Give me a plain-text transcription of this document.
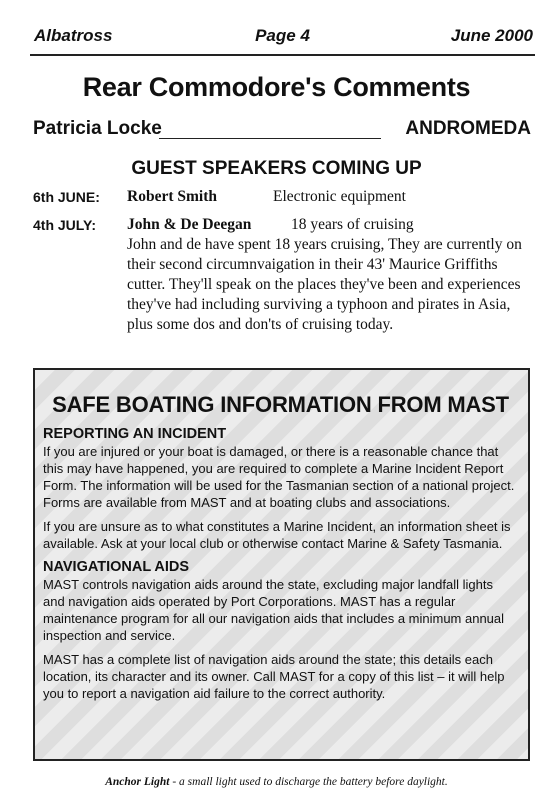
Albatross	Page 4	June 2000
Rear Commodore's Comments
Patricia Locke	ANDROMEDA
GUEST SPEAKERS COMING UP
6th JUNE: Robert Smith	Electronic equipment
4th JULY: John & De Deegan	18 years of cruising
John and de have spent 18 years cruising, They are currently on their second circumnvaigation in their 43' Maurice Griffiths cutter. They'll speak on the places they've been and experiences they've had including surviving a typhoon and pirates in Asia, plus some dos and don'ts of cruising today.
SAFE BOATING INFORMATION FROM MAST
REPORTING AN INCIDENT

If you are injured or your boat is damaged, or there is a reasonable chance that this may have happened, you are required to complete a Marine Incident Report Form. The information will be used for the Tasmanian section of a national project. Forms are available from MAST and at boating clubs and associations.

If you are unsure as to what constitutes a Marine Incident, an information sheet is available. Ask at your local club or otherwise contact Marine & Safety Tasmania.

NAVIGATIONAL AIDS

MAST controls navigation aids around the state, excluding major landfall lights and navigation aids operated by Port Corporations. MAST has a regular maintenance program for all our navigation aids that includes a minimum annual inspection and service.

MAST has a complete list of navigation aids around the state; this details each location, its character and its owner. Call MAST for a copy of this list – it will help you to report a navigation aid failure to the correct authority.

Anchor Light - a small light used to discharge the battery before daylight.
